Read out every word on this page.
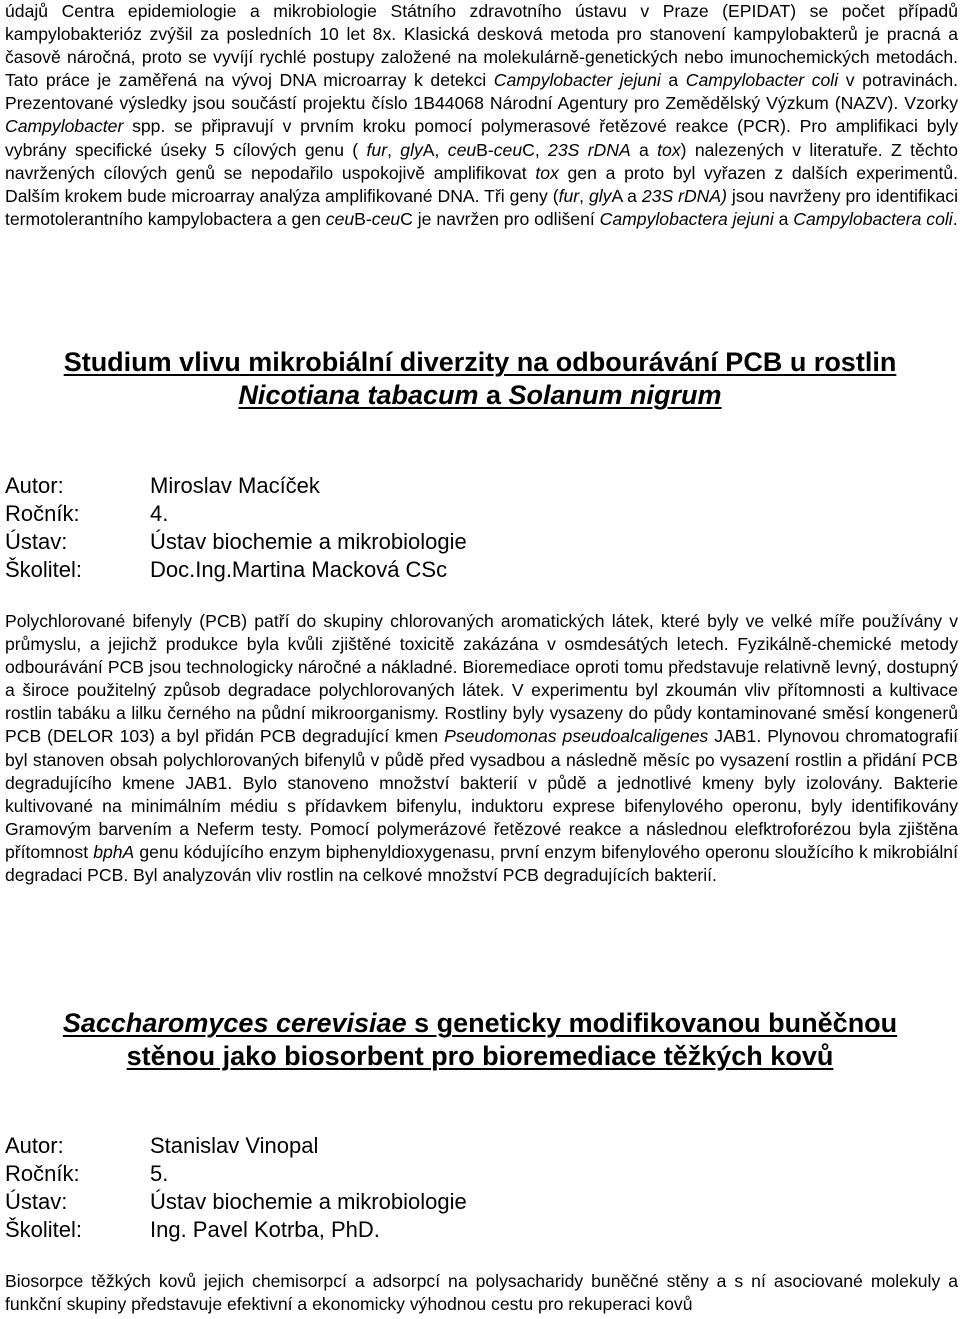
údajů Centra epidemiologie a mikrobiologie Státního zdravotního ústavu v Praze (EPIDAT) se počet případů kampylobakterióz zvýšil za posledních 10 let 8x. Klasická desková metoda pro stanovení kampylobakterů je pracná a časově náročná, proto se vyvíjí rychlé postupy založené na molekulárně-genetických nebo imunochemických metodách. Tato práce je zaměřená na vývoj DNA microarray k detekci Campylobacter jejuni a Campylobacter coli v potravinách. Prezentované výsledky jsou součástí projektu číslo 1B44068 Národní Agentury pro Zemědělský Výzkum (NAZV). Vzorky Campylobacter spp. se připravují v prvním kroku pomocí polymerasové řetězové reakce (PCR). Pro amplifikaci byly vybrány specifické úseky 5 cílových genu ( fur, glyA, ceuB-ceuC, 23S rDNA a tox) nalezených v literatuře. Z těchto navržených cílových genů se nepodařilo uspokojivě amplifikovat tox gen a proto byl vyřazen z dalších experimentů. Dalším krokem bude microarray analýza amplifikované DNA. Tři geny (fur, glyA a 23S rDNA) jsou navrženy pro identifikaci termotolerantního kampylobactera a gen ceuB-ceuC je navržen pro odlišení Campylobactera jejuni a Campylobactera coli.

Studium vlivu mikrobiální diverzity na odbourávání PCB u rostlin
Nicotiana tabacum a Solanum nigrum
Autor:	Miroslav Macíček
Ročník:	4.
Ústav:	Ústav biochemie a mikrobiologie
Školitel:	Doc.Ing.Martina Macková CSc

Polychlorované bifenyly (PCB) patří do skupiny chlorovaných aromatických látek, které byly ve velké míře používány v průmyslu, a jejichž produkce byla kvůli zjištěné toxicitě zakázána v osmdesátých letech. Fyzikálně-chemické metody odbourávání PCB jsou technologicky náročné a nákladné. Bioremediace oproti tomu představuje relativně levný, dostupný a široce použitelný způsob degradace polychlorovaných látek. V experimentu byl zkoumán vliv přítomnosti a kultivace rostlin tabáku a lilku černého na půdní mikroorganismy. Rostliny byly vysazeny do půdy kontaminované směsí kongenerů PCB (DELOR 103) a byl přidán PCB degradující kmen Pseudomonas pseudoalcaligenes JAB1. Plynovou chromatografií byl stanoven obsah polychlorovaných bifenylů v půdě před vysadbou a následně měsíc po vysazení rostlin a přidání PCB degradujícího kmene JAB1. Bylo stanoveno množství bakterií v půdě a jednotlivé kmeny byly izolovány. Bakterie kultivované na minimálním médiu s přídavkem bifenylu, induktoru exprese bifenylového operonu, byly identifikovány Gramovým barvením a Neferm testy. Pomocí polymerázové řetězové reakce a následnou elefktroforézou byla zjištěna přítomnost bphA genu kódujícího enzym biphenyldioxygenasu, první enzym bifenylového operonu sloužícího k mikrobiální degradaci PCB. Byl analyzován vliv rostlin na celkové množství PCB degradujících bakterií.

Saccharomyces cerevisiae s geneticky modifikovanou buněčnou
stěnou jako biosorbent pro bioremediace těžkých kovů
Autor:	Stanislav Vinopal
Ročník:	5.
Ústav:	Ústav biochemie a mikrobiologie
Školitel:	Ing. Pavel Kotrba, PhD.

Biosorpce těžkých kovů jejich chemisorpcí a adsorpcí na polysacharidy buněčné stěny a s ní asociované molekuly a funkční skupiny představuje efektivní a ekonomicky výhodnou cestu pro rekuperaci kovů
